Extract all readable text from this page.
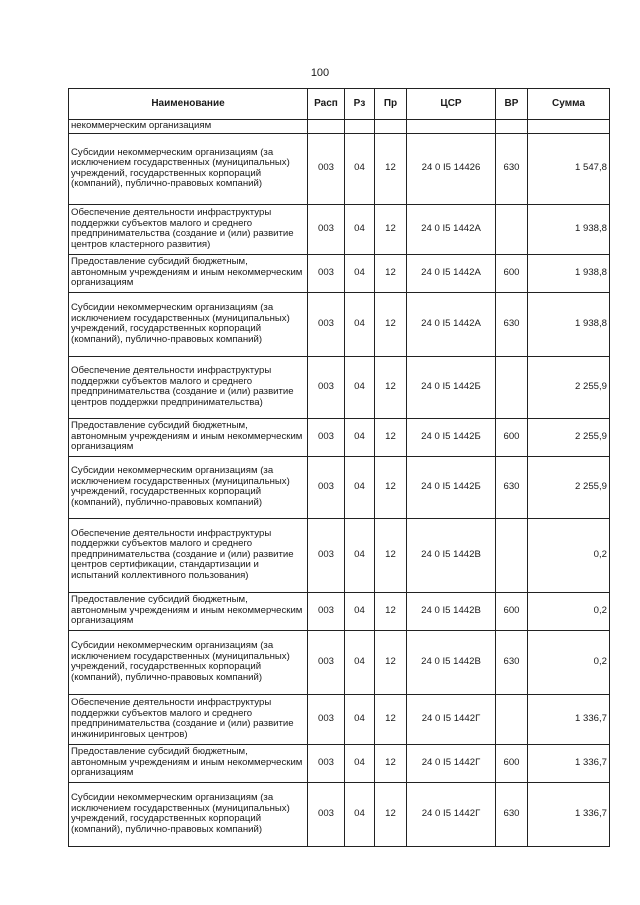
100
Наименование	Расп	Рз	Пр	ЦСР	ВР	Сумма
некоммерческим организациям						
Субсидии некоммерческим организациям (за исключением государственных (муниципальных) учреждений, государственных корпораций (компаний), публично-правовых компаний)	003	04	12	24 0 I5 14426	630	1 547,8
Обеспечение деятельности инфраструктуры поддержки субъектов малого и среднего предпринимательства (создание и (или) развитие центров кластерного развития)	003	04	12	24 0 I5 1442А		1 938,8
Предоставление субсидий бюджетным, автономным учреждениям и иным некоммерческим организациям	003	04	12	24 0 I5 1442А	600	1 938,8
Субсидии некоммерческим организациям (за исключением государственных (муниципальных) учреждений, государственных корпораций (компаний), публично-правовых компаний)	003	04	12	24 0 I5 1442А	630	1 938,8
Обеспечение деятельности инфраструктуры поддержки субъектов малого и среднего предпринимательства (создание и (или) развитие центров поддержки предпринимательства)	003	04	12	24 0 I5 1442Б		2 255,9
Предоставление субсидий бюджетным, автономным учреждениям и иным некоммерческим организациям	003	04	12	24 0 I5 1442Б	600	2 255,9
Субсидии некоммерческим организациям (за исключением государственных (муниципальных) учреждений, государственных корпораций (компаний), публично-правовых компаний)	003	04	12	24 0 I5 1442Б	630	2 255,9
Обеспечение деятельности инфраструктуры поддержки субъектов малого и среднего предпринимательства (создание и (или) развитие центров сертификации, стандартизации и испытаний коллективного пользования)	003	04	12	24 0 I5 1442В		0,2
Предоставление субсидий бюджетным, автономным учреждениям и иным некоммерческим организациям	003	04	12	24 0 I5 1442В	600	0,2
Субсидии некоммерческим организациям (за исключением государственных (муниципальных) учреждений, государственных корпораций (компаний), публично-правовых компаний)	003	04	12	24 0 I5 1442В	630	0,2
Обеспечение деятельности инфраструктуры поддержки субъектов малого и среднего предпринимательства (создание и (или) развитие инжиниринговых центров)	003	04	12	24 0 I5 1442Г		1 336,7
Предоставление субсидий бюджетным, автономным учреждениям и иным некоммерческим организациям	003	04	12	24 0 I5 1442Г	600	1 336,7
Субсидии некоммерческим организациям (за исключением государственных (муниципальных) учреждений, государственных корпораций (компаний), публично-правовых компаний)	003	04	12	24 0 I5 1442Г	630	1 336,7
